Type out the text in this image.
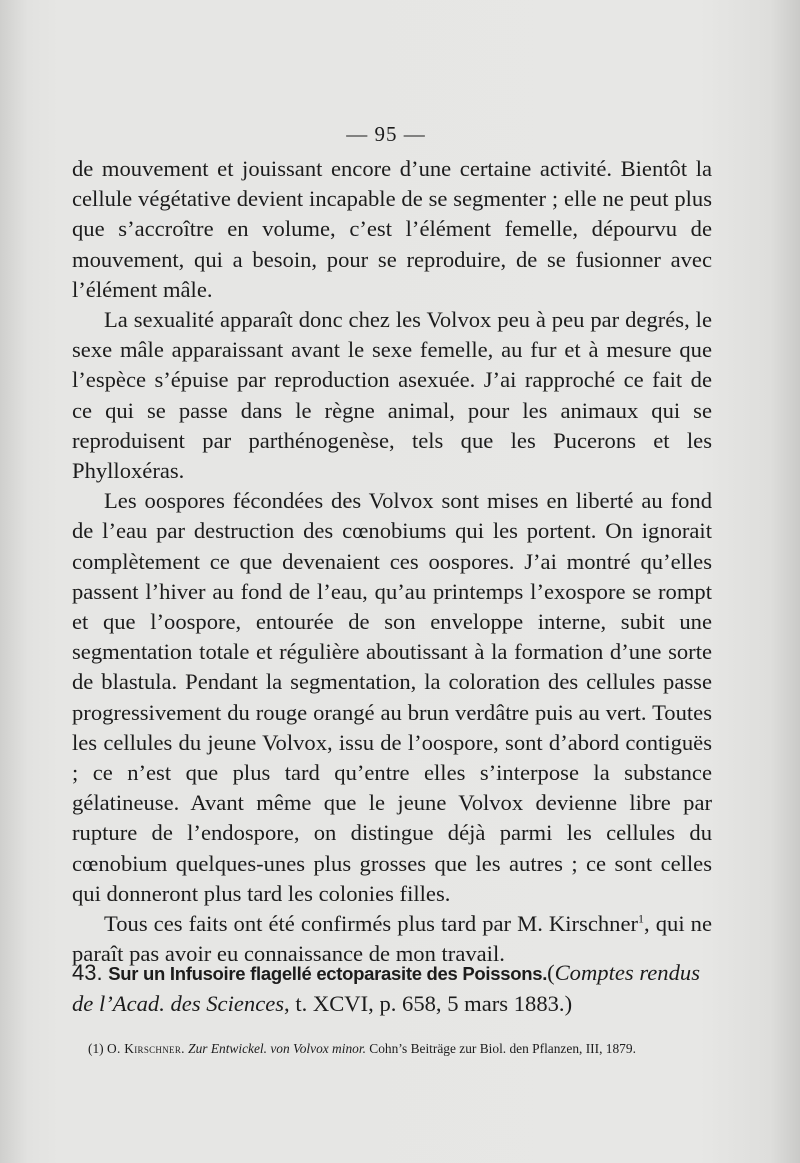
— 95 —

de mouvement et jouissant encore d’une certaine activité. Bientôt la cellule végétative devient incapable de se segmenter ; elle ne peut plus que s’accroître en volume, c’est l’élément femelle, dépourvu de mouvement, qui a besoin, pour se reproduire, de se fusionner avec l’élément mâle.

La sexualité apparaît donc chez les Volvox peu à peu par degrés, le sexe mâle apparaissant avant le sexe femelle, au fur et à mesure que l’espèce s’épuise par reproduction asexuée. J’ai rapproché ce fait de ce qui se passe dans le règne animal, pour les animaux qui se reproduisent par parthénogenèse, tels que les Pucerons et les Phylloxéras.

Les oospores fécondées des Volvox sont mises en liberté au fond de l’eau par destruction des cœnobiums qui les portent. On ignorait complètement ce que devenaient ces oospores. J’ai montré qu’elles passent l’hiver au fond de l’eau, qu’au printemps l’exospore se rompt et que l’oospore, entourée de son enveloppe interne, subit une segmentation totale et régulière aboutissant à la formation d’une sorte de blastula. Pendant la segmentation, la coloration des cellules passe progressivement du rouge orangé au brun verdâtre puis au vert. Toutes les cellules du jeune Volvox, issu de l’oospore, sont d’abord contiguës ; ce n’est que plus tard qu’entre elles s’interpose la substance gélatineuse. Avant même que le jeune Volvox devienne libre par rupture de l’endospore, on distingue déjà parmi les cellules du cœnobium quelques-unes plus grosses que les autres ; ce sont celles qui donneront plus tard les colonies filles.

Tous ces faits ont été confirmés plus tard par M. Kirschner$^1$, qui ne paraît pas avoir eu connaissance de mon travail.

43. Sur un Infusoire flagellé ectoparasite des Poissons.(Comptes rendus de l’Acad. des Sciences, t. XCVI, p. 658, 5 mars 1883.)
(1) O. Kirschner. Zur Entwickel. von Volvox minor. Cohn’s Beiträge zur Biol. den Pflanzen, III, 1879.
